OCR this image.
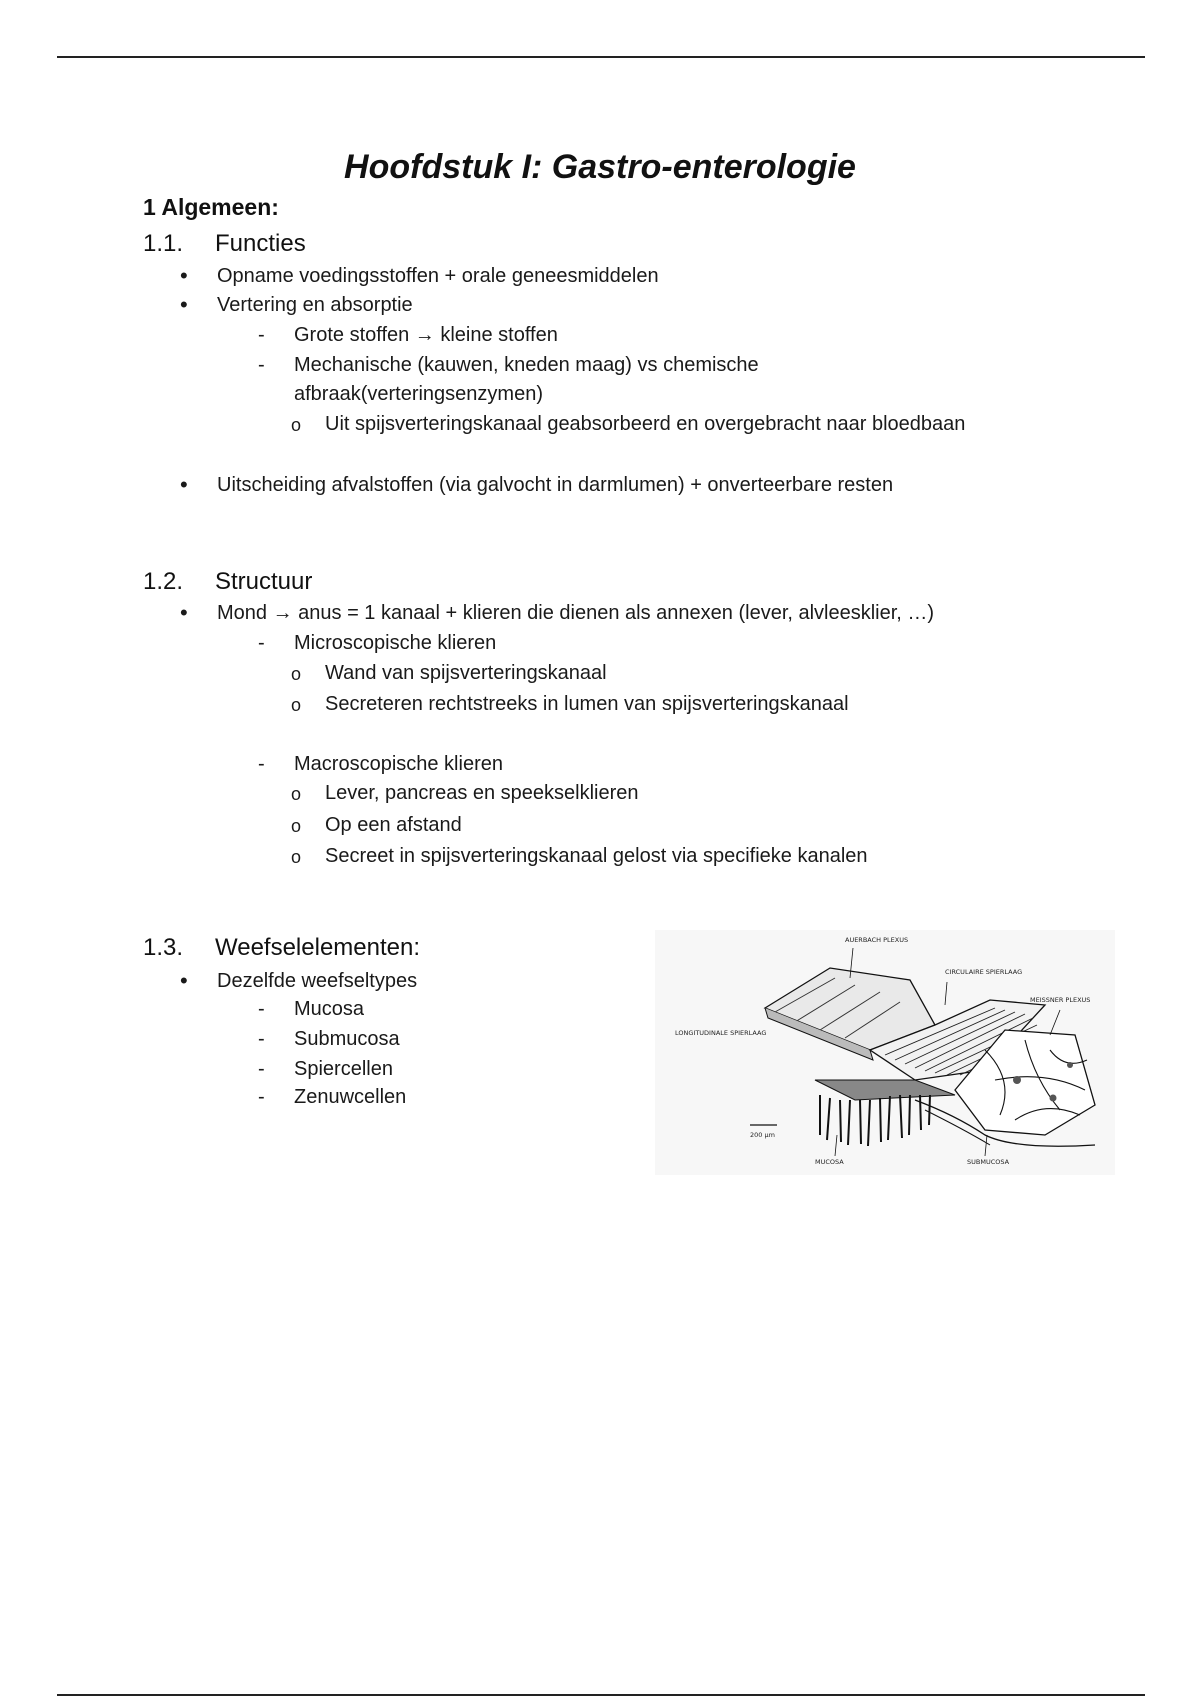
Hoofdstuk I: Gastro-enterologie
1 Algemeen:
1.1. Functies
• Opname voedingsstoffen + orale geneesmiddelen
• Vertering en absorptie
- Grote stoffen → kleine stoffen
- Mechanische (kauwen, kneden maag) vs chemische
afbraak(verteringsenzymen)
o Uit spijsverteringskanaal geabsorbeerd en overgebracht naar bloedbaan
• Uitscheiding afvalstoffen (via galvocht in darmlumen) + onverteerbare resten
1.2. Structuur
• Mond → anus = 1 kanaal + klieren die dienen als annexen (lever, alvleesklier, …)
- Microscopische klieren
o Wand van spijsverteringskanaal
o Secreteren rechtstreeks in lumen van spijsverteringskanaal
- Macroscopische klieren
o Lever, pancreas en speekselklieren
o Op een afstand
o Secreet in spijsverteringskanaal gelost via specifieke kanalen
1.3. Weefselelementen:
• Dezelfde weefseltypes
- Mucosa
- Submucosa
- Spiercellen
- Zenuwcellen
AUERBACH PLEXUS
CIRCULAIRE SPIERLAAG
MEISSNER PLEXUS
LONGITUDINALE SPIERLAAG
200 µm
MUCOSA	SUBMUCOSA
